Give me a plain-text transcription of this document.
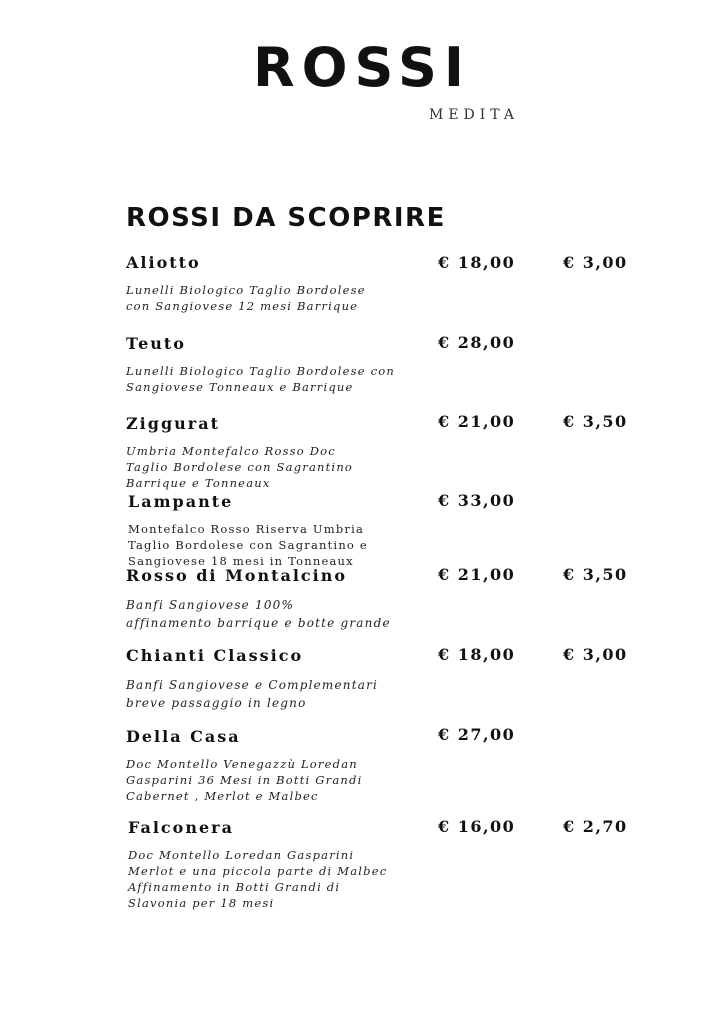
ROSSI
MEDITA
ROSSI DA SCOPRIRE
Aliotto	€ 18,00	€ 3,00
Lunelli Biologico Taglio Bordolese
con Sangiovese 12 mesi Barrique
Teuto	€ 28,00
Lunelli Biologico Taglio Bordolese con
Sangiovese Tonneaux e Barrique
Ziggurat	€ 21,00	€ 3,50
Umbria Montefalco Rosso Doc
Taglio Bordolese con Sagrantino
Barrique e Tonneaux
Lampante	€ 33,00
Montefalco Rosso Riserva Umbria
Taglio Bordolese con Sagrantino e
Sangiovese 18 mesi in Tonneaux
Rosso di Montalcino	€ 21,00	€ 3,50
Banfi Sangiovese 100%
affinamento barrique e botte grande
Chianti Classico	€ 18,00	€ 3,00
Banfi Sangiovese e Complementari
breve passaggio in legno
Della Casa	€ 27,00
Doc Montello Venegazzù Loredan
Gasparini 36 Mesi in Botti Grandi
Cabernet , Merlot e Malbec
Falconera	€ 16,00	€ 2,70
Doc Montello Loredan Gasparini
Merlot e una piccola parte di Malbec
Affinamento in Botti Grandi di
Slavonia per 18 mesi
